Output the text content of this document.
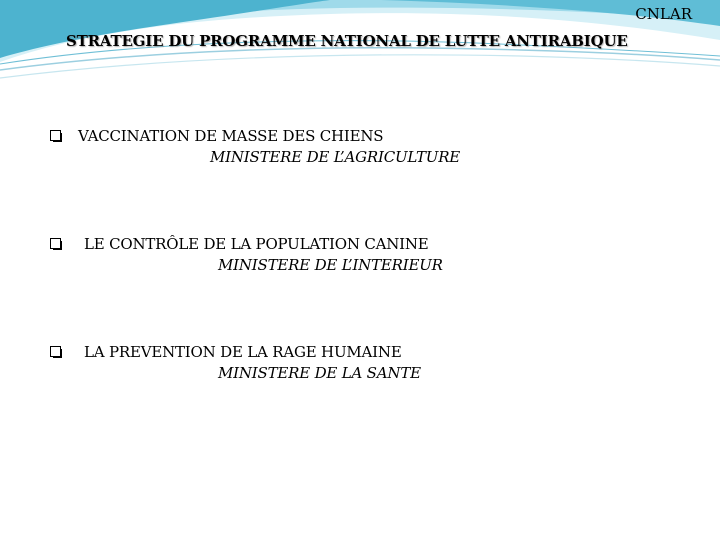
CNLAR
STRATEGIE DU PROGRAMME NATIONAL DE LUTTE ANTIRABIQUE
VACCINATION DE MASSE DES CHIENS
MINISTERE DE L’AGRICULTURE
LE CONTRÔLE DE LA POPULATION CANINE
MINISTERE DE L’INTERIEUR
LA PREVENTION DE LA RAGE HUMAINE
MINISTERE DE LA SANTE
